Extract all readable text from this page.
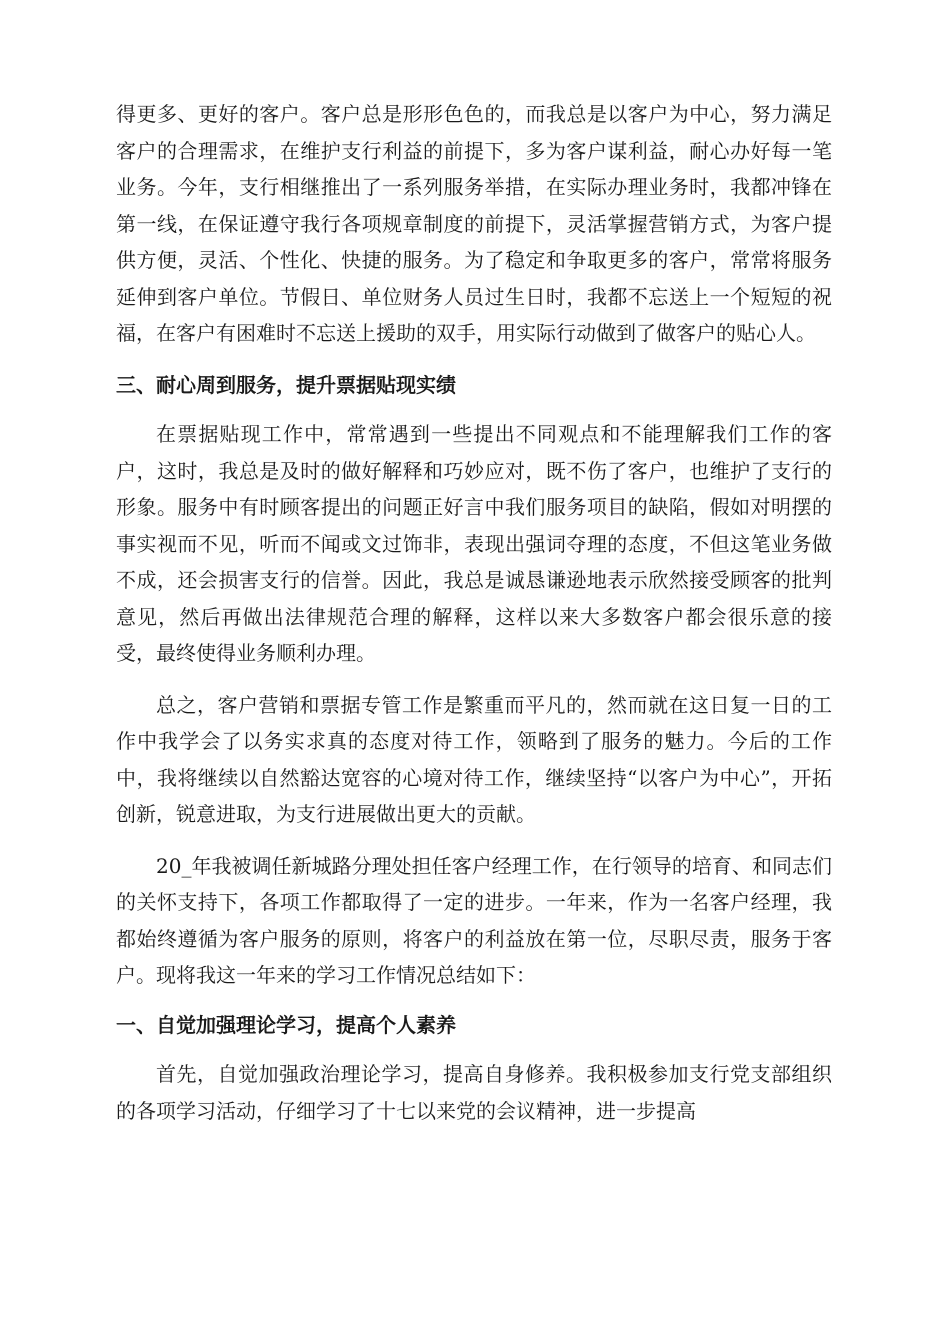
得更多、更好的客户。客户总是形形色色的，而我总是以客户为中心，努力满足客户的合理需求，在维护支行利益的前提下，多为客户谋利益，耐心办好每一笔业务。今年，支行相继推出了一系列服务举措，在实际办理业务时，我都冲锋在第一线，在保证遵守我行各项规章制度的前提下，灵活掌握营销方式，为客户提供方便，灵活、个性化、快捷的服务。为了稳定和争取更多的客户，常常将服务延伸到客户单位。节假日、单位财务人员过生日时，我都不忘送上一个短短的祝福，在客户有困难时不忘送上援助的双手，用实际行动做到了做客户的贴心人。

三、耐心周到服务，提升票据贴现实绩

在票据贴现工作中，常常遇到一些提出不同观点和不能理解我们工作的客户，这时，我总是及时的做好解释和巧妙应对，既不伤了客户，也维护了支行的形象。服务中有时顾客提出的问题正好言中我们服务项目的缺陷，假如对明摆的事实视而不见，听而不闻或文过饰非，表现出强词夺理的态度，不但这笔业务做不成，还会损害支行的信誉。因此，我总是诚恳谦逊地表示欣然接受顾客的批判意见，然后再做出法律规范合理的解释，这样以来大多数客户都会很乐意的接受，最终使得业务顺利办理。

总之，客户营销和票据专管工作是繁重而平凡的，然而就在这日复一日的工作中我学会了以务实求真的态度对待工作，领略到了服务的魅力。今后的工作中，我将继续以自然豁达宽容的心境对待工作，继续坚持“以客户为中心”，开拓创新，锐意进取，为支行进展做出更大的贡献。

20_年我被调任新城路分理处担任客户经理工作，在行领导的培育、和同志们的关怀支持下，各项工作都取得了一定的进步。一年来，作为一名客户经理，我都始终遵循为客户服务的原则，将客户的利益放在第一位，尽职尽责，服务于客户。现将我这一年来的学习工作情况总结如下：

一、自觉加强理论学习，提高个人素养

首先，自觉加强政治理论学习，提高自身修养。我积极参加支行党支部组织的各项学习活动，仔细学习了十七以来党的会议精神，进一步提高
